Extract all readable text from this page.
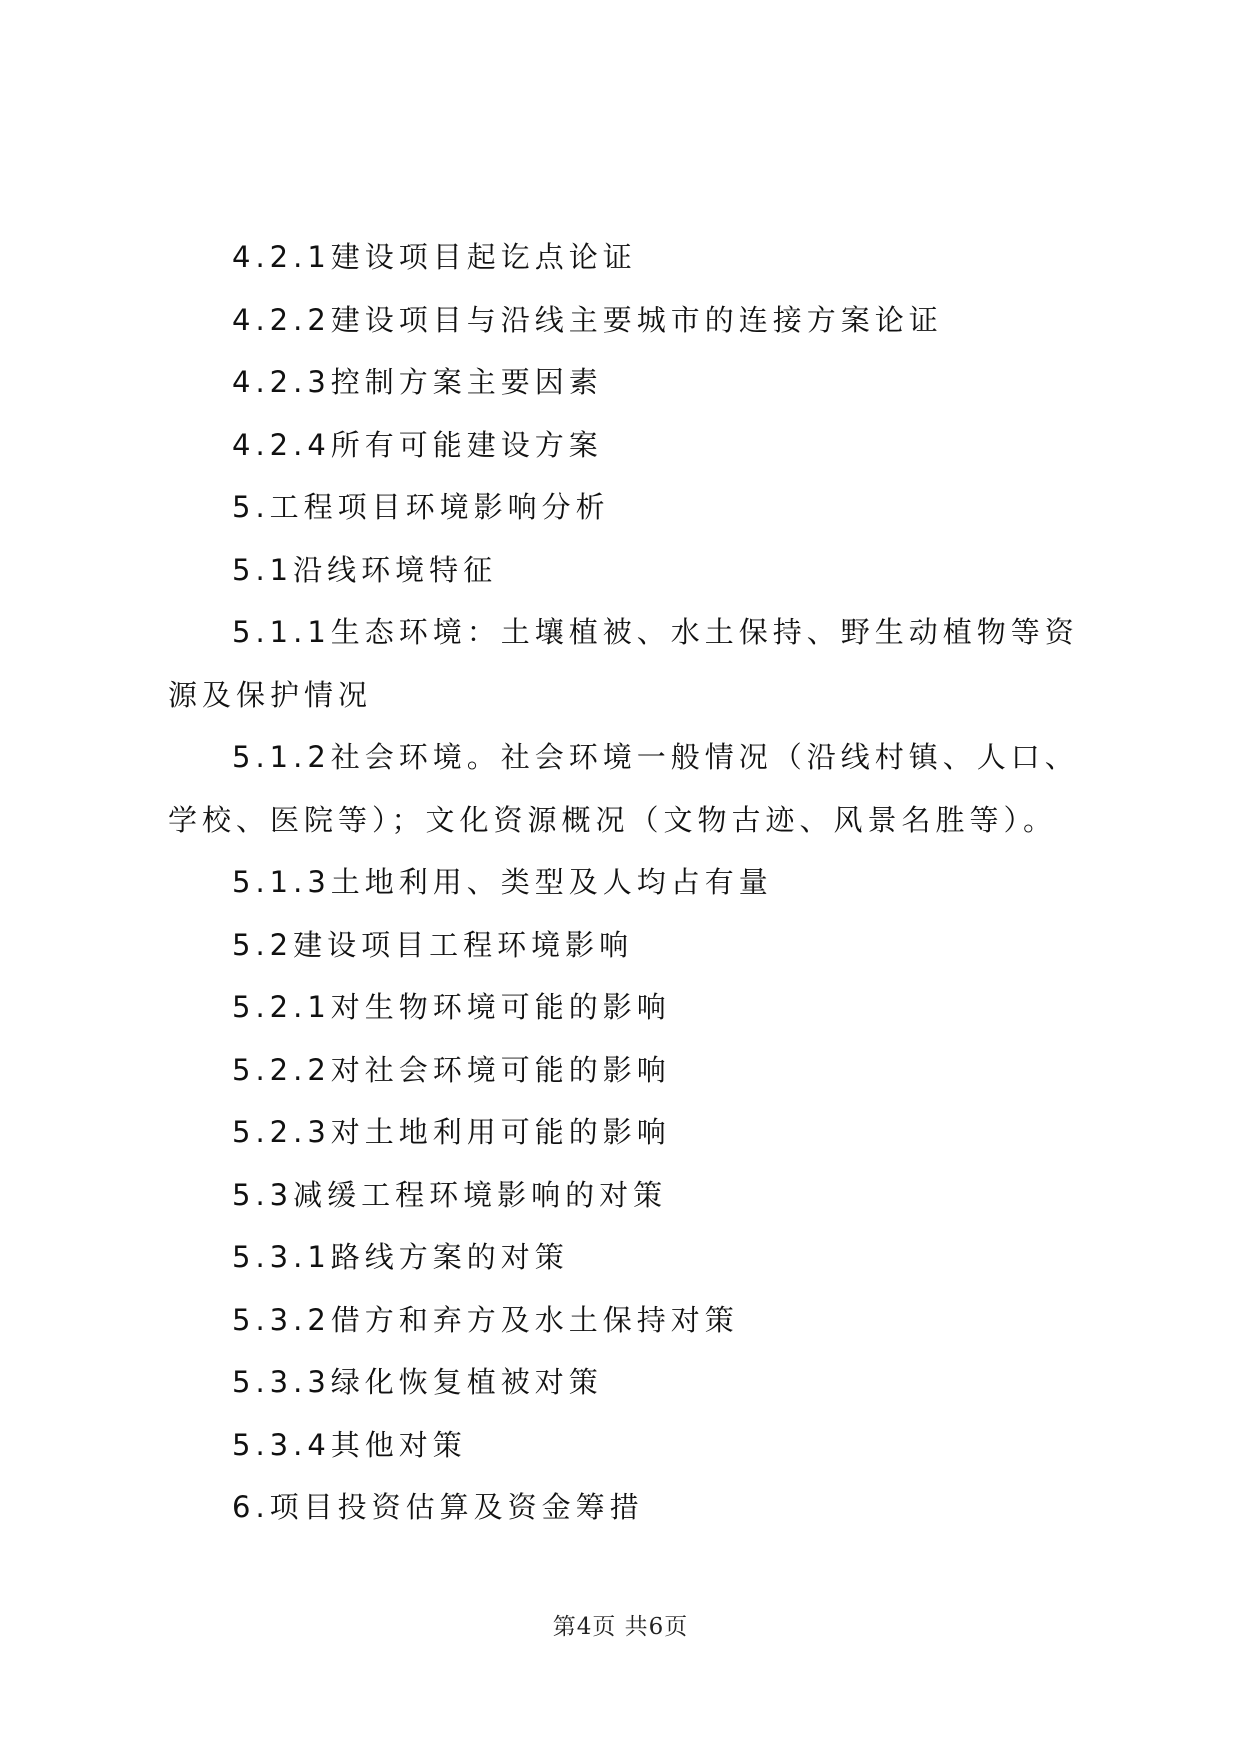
4.2.1建设项目起讫点论证

4.2.2建设项目与沿线主要城市的连接方案论证

4.2.3控制方案主要因素

4.2.4所有可能建设方案

5.工程项目环境影响分析

5.1沿线环境特征

5.1.1生态环境：土壤植被、水土保持、野生动植物等资源及保护情况

5.1.2社会环境。社会环境一般情况（沿线村镇、人口、学校、医院等）；文化资源概况（文物古迹、风景名胜等）。

5.1.3土地利用、类型及人均占有量

5.2建设项目工程环境影响

5.2.1对生物环境可能的影响

5.2.2对社会环境可能的影响

5.2.3对土地利用可能的影响

5.3减缓工程环境影响的对策

5.3.1路线方案的对策

5.3.2借方和弃方及水土保持对策

5.3.3绿化恢复植被对策

5.3.4其他对策

6.项目投资估算及资金筹措

第4页 共6页
